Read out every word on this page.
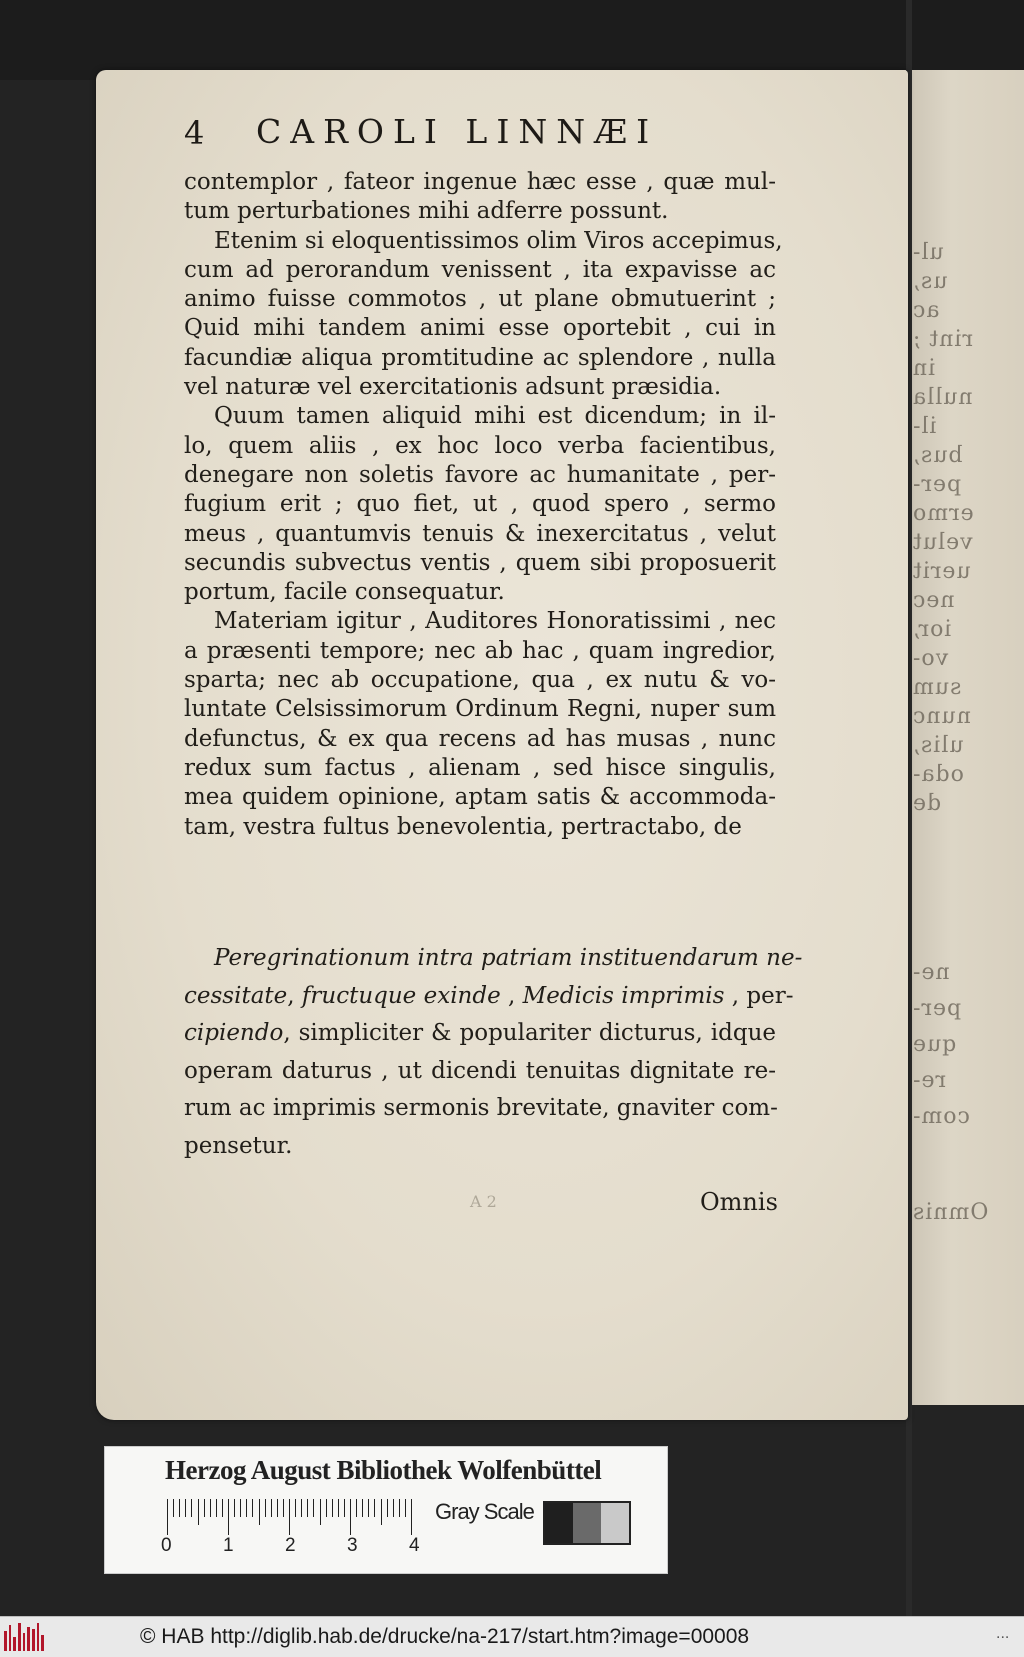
ul-
us,
ac
rint ;
in
nulla
il-
bus,
per-
ermo
velut
uerit
nec
ior,
vo-
sum
nunc
ulis,
oda-
de
ne-
per-
que
re-
com-
Omnis
4 CAROLI LINNÆI
contemplor , fateor ingenue hæc esse , quæ mul-
tum perturbationes mihi adferre possunt.
Etenim si eloquentissimos olim Viros accepimus,
cum ad perorandum venissent , ita expavisse ac
animo fuisse commotos , ut plane obmutuerint ;
Quid mihi tandem animi esse oportebit , cui in
facundiæ aliqua promtitudine ac splendore , nulla
vel naturæ vel exercitationis adsunt præsidia.
Quum tamen aliquid mihi est dicendum; in il-
lo, quem aliis , ex hoc loco verba facientibus,
denegare non soletis favore ac humanitate , per-
fugium erit ; quo fiet, ut , quod spero , sermo
meus , quantumvis tenuis & inexercitatus , velut
secundis subvectus ventis , quem sibi proposuerit
portum, facile consequatur.
Materiam igitur , Auditores Honoratissimi , nec
a præsenti tempore; nec ab hac , quam ingredior,
sparta; nec ab occupatione, qua , ex nutu & vo-
luntate Celsissimorum Ordinum Regni, nuper sum
defunctus, & ex qua recens ad has musas , nunc
redux sum factus , alienam , sed hisce singulis,
mea quidem opinione, aptam satis & accommoda-
tam, vestra fultus benevolentia, pertractabo, de
Peregrinationum intra patriam instituendarum ne-
cessitate, fructuque exinde , Medicis imprimis , per-
cipiendo, simpliciter & populariter dicturus, idque
operam daturus , ut dicendi tenuitas dignitate re-
rum ac imprimis sermonis brevitate, gnaviter com-
pensetur.
A 2	Omnis
Herzog August Bibliothek Wolfenbüttel
0	1	2	3	4
Gray Scale
© HAB http://diglib.hab.de/drucke/na-217/start.htm?image=00008	...
